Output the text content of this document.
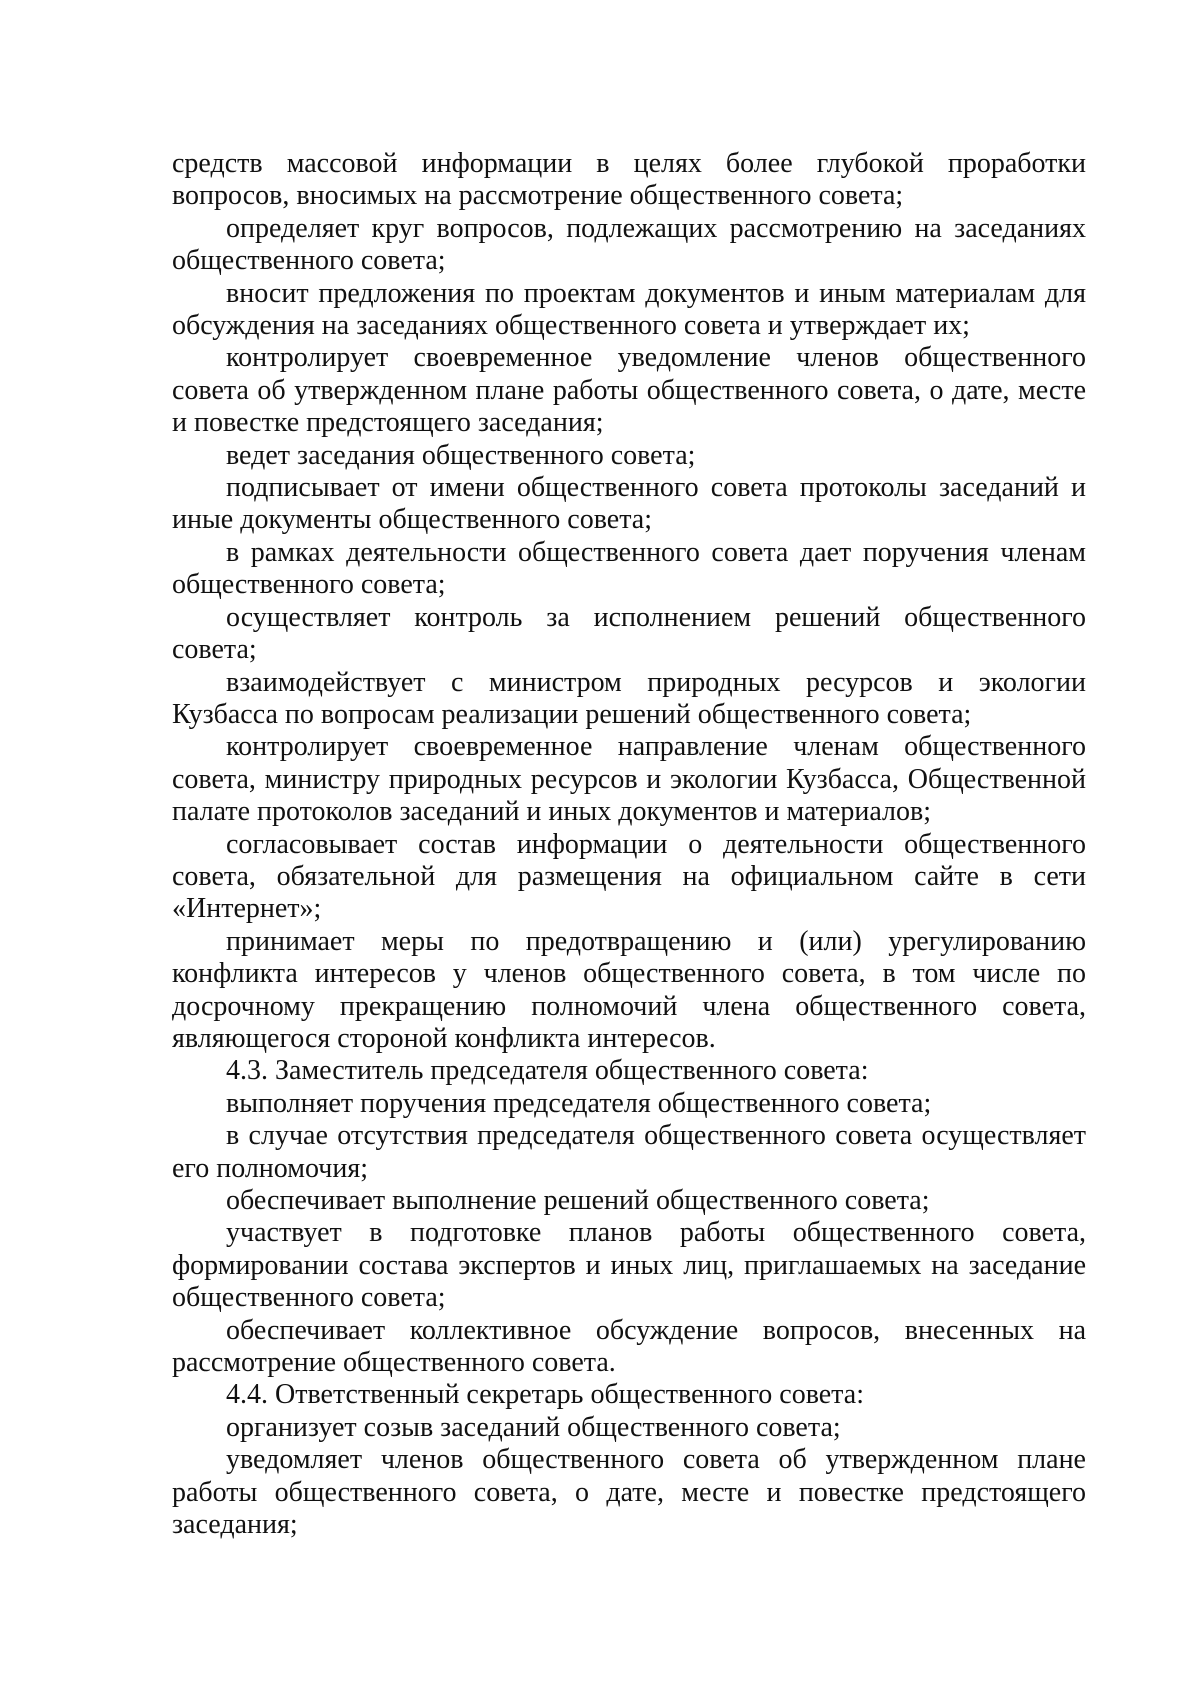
средств массовой информации в целях более глубокой проработки вопросов, вносимых на рассмотрение общественного совета;

определяет круг вопросов, подлежащих рассмотрению на заседаниях общественного совета;

вносит предложения по проектам документов и иным материалам для обсуждения на заседаниях общественного совета и утверждает их;

контролирует своевременное уведомление членов общественного совета об утвержденном плане работы общественного совета, о дате, месте и повестке предстоящего заседания;

ведет заседания общественного совета;

подписывает от имени общественного совета протоколы заседаний и иные документы общественного совета;

в рамках деятельности общественного совета дает поручения членам общественного совета;

осуществляет контроль за исполнением решений общественного совета;

взаимодействует с министром природных ресурсов и экологии Кузбасса по вопросам реализации решений общественного совета;

контролирует своевременное направление членам общественного совета, министру природных ресурсов и экологии Кузбасса, Общественной палате протоколов заседаний и иных документов и материалов;

согласовывает состав информации о деятельности общественного совета, обязательной для размещения на официальном сайте в сети «Интернет»;

принимает меры по предотвращению и (или) урегулированию конфликта интересов у членов общественного совета, в том числе по досрочному прекращению полномочий члена общественного совета, являющегося стороной конфликта интересов.

4.3. Заместитель председателя общественного совета:

выполняет поручения председателя общественного совета;

в случае отсутствия председателя общественного совета осуществляет его полномочия;

обеспечивает выполнение решений общественного совета;

участвует в подготовке планов работы общественного совета, формировании состава экспертов и иных лиц, приглашаемых на заседание общественного совета;

обеспечивает коллективное обсуждение вопросов, внесенных на рассмотрение общественного совета.

4.4. Ответственный секретарь общественного совета:

организует созыв заседаний общественного совета;

уведомляет членов общественного совета об утвержденном плане работы общественного совета, о дате, месте и повестке предстоящего заседания;
